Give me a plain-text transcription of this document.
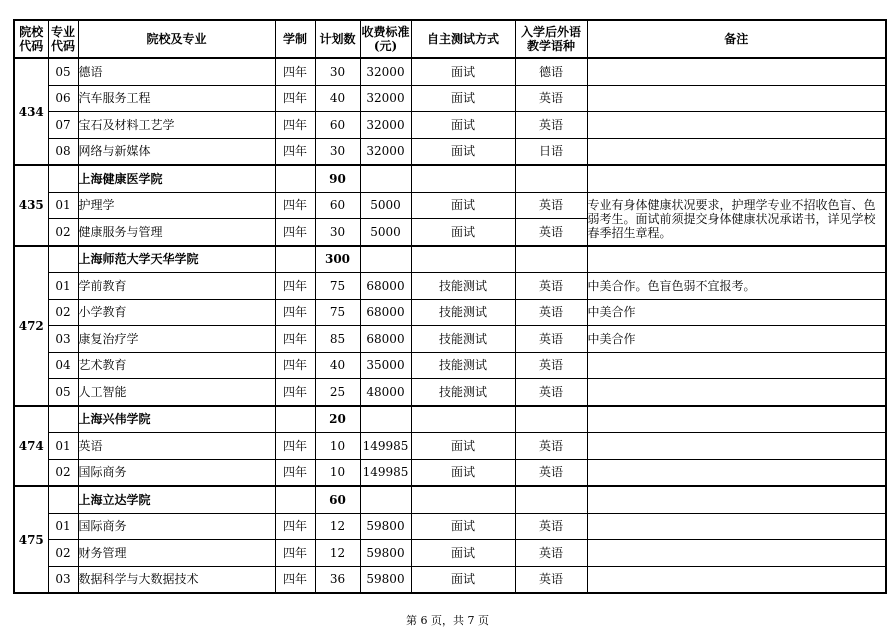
院校代码	专业代码	院校及专业	学制	计划数	收费标准(元)	自主测试方式	入学后外语教学语种	备注
434	05	德语	四年	30	32000	面试	德语	
	06	汽车服务工程	四年	40	32000	面试	英语	
	07	宝石及材料工艺学	四年	60	32000	面试	英语	
	08	网络与新媒体	四年	30	32000	面试	日语	
435		上海健康医学院		90				
	01	护理学	四年	60	5000	面试	英语	专业有身体健康状况要求，护理学专业不招收色盲、色弱考生。面试前须提交身体健康状况承诺书，详见学校春季招生章程。
	02	健康服务与管理	四年	30	5000	面试	英语	
472		上海师范大学天华学院		300				
	01	学前教育	四年	75	68000	技能测试	英语	中美合作。色盲色弱不宜报考。
	02	小学教育	四年	75	68000	技能测试	英语	中美合作
	03	康复治疗学	四年	85	68000	技能测试	英语	中美合作
	04	艺术教育	四年	40	35000	技能测试	英语	
	05	人工智能	四年	25	48000	技能测试	英语	
474		上海兴伟学院		20				
	01	英语	四年	10	149985	面试	英语	
	02	国际商务	四年	10	149985	面试	英语	
475		上海立达学院		60				
	01	国际商务	四年	12	59800	面试	英语	
	02	财务管理	四年	12	59800	面试	英语	
	03	数据科学与大数据技术	四年	36	59800	面试	英语	
第 6 页，共 7 页
